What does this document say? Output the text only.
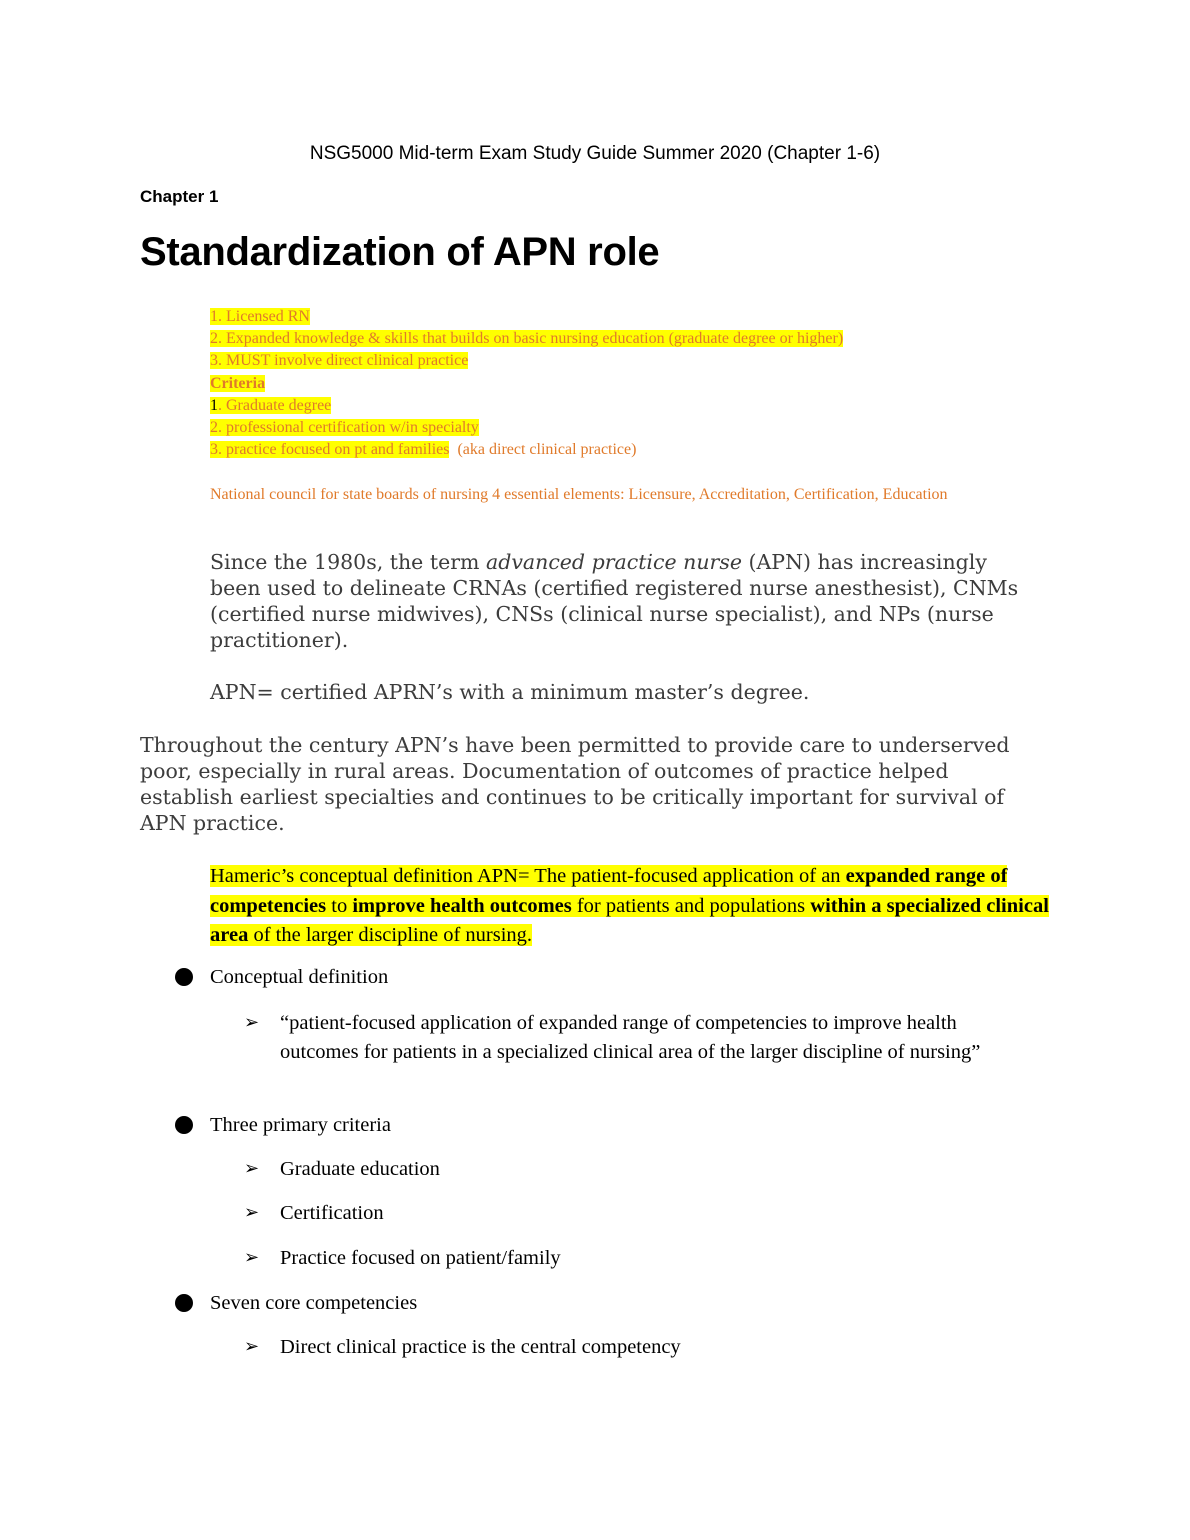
NSG5000 Mid-term Exam Study Guide Summer 2020 (Chapter 1-6)
Chapter 1
Standardization of APN role
1. Licensed RN
2. Expanded knowledge & skills that builds on basic nursing education (graduate degree or higher)
3. MUST involve direct clinical practice
Criteria
1. Graduate degree
2. professional certification w/in specialty
3. practice focused on pt and families (aka direct clinical practice)
National council for state boards of nursing 4 essential elements: Licensure, Accreditation, Certification, Education
Since the 1980s, the term advanced practice nurse (APN) has increasingly been used to delineate CRNAs (certified registered nurse anesthesist), CNMs (certified nurse midwives), CNSs (clinical nurse specialist), and NPs (nurse practitioner).
APN= certified APRN’s with a minimum master’s degree.
Throughout the century APN’s have been permitted to provide care to underserved poor, especially in rural areas. Documentation of outcomes of practice helped establish earliest specialties and continues to be critically important for survival of APN practice.
Hameric’s conceptual definition APN= The patient-focused application of an expanded range of competencies to improve health outcomes for patients and populations within a specialized clinical area of the larger discipline of nursing.
Conceptual definition
➢ “patient-focused application of expanded range of competencies to improve health outcomes for patients in a specialized clinical area of the larger discipline of nursing”
Three primary criteria
➢ Graduate education
➢ Certification
➢ Practice focused on patient/family
Seven core competencies
➢ Direct clinical practice is the central competency
